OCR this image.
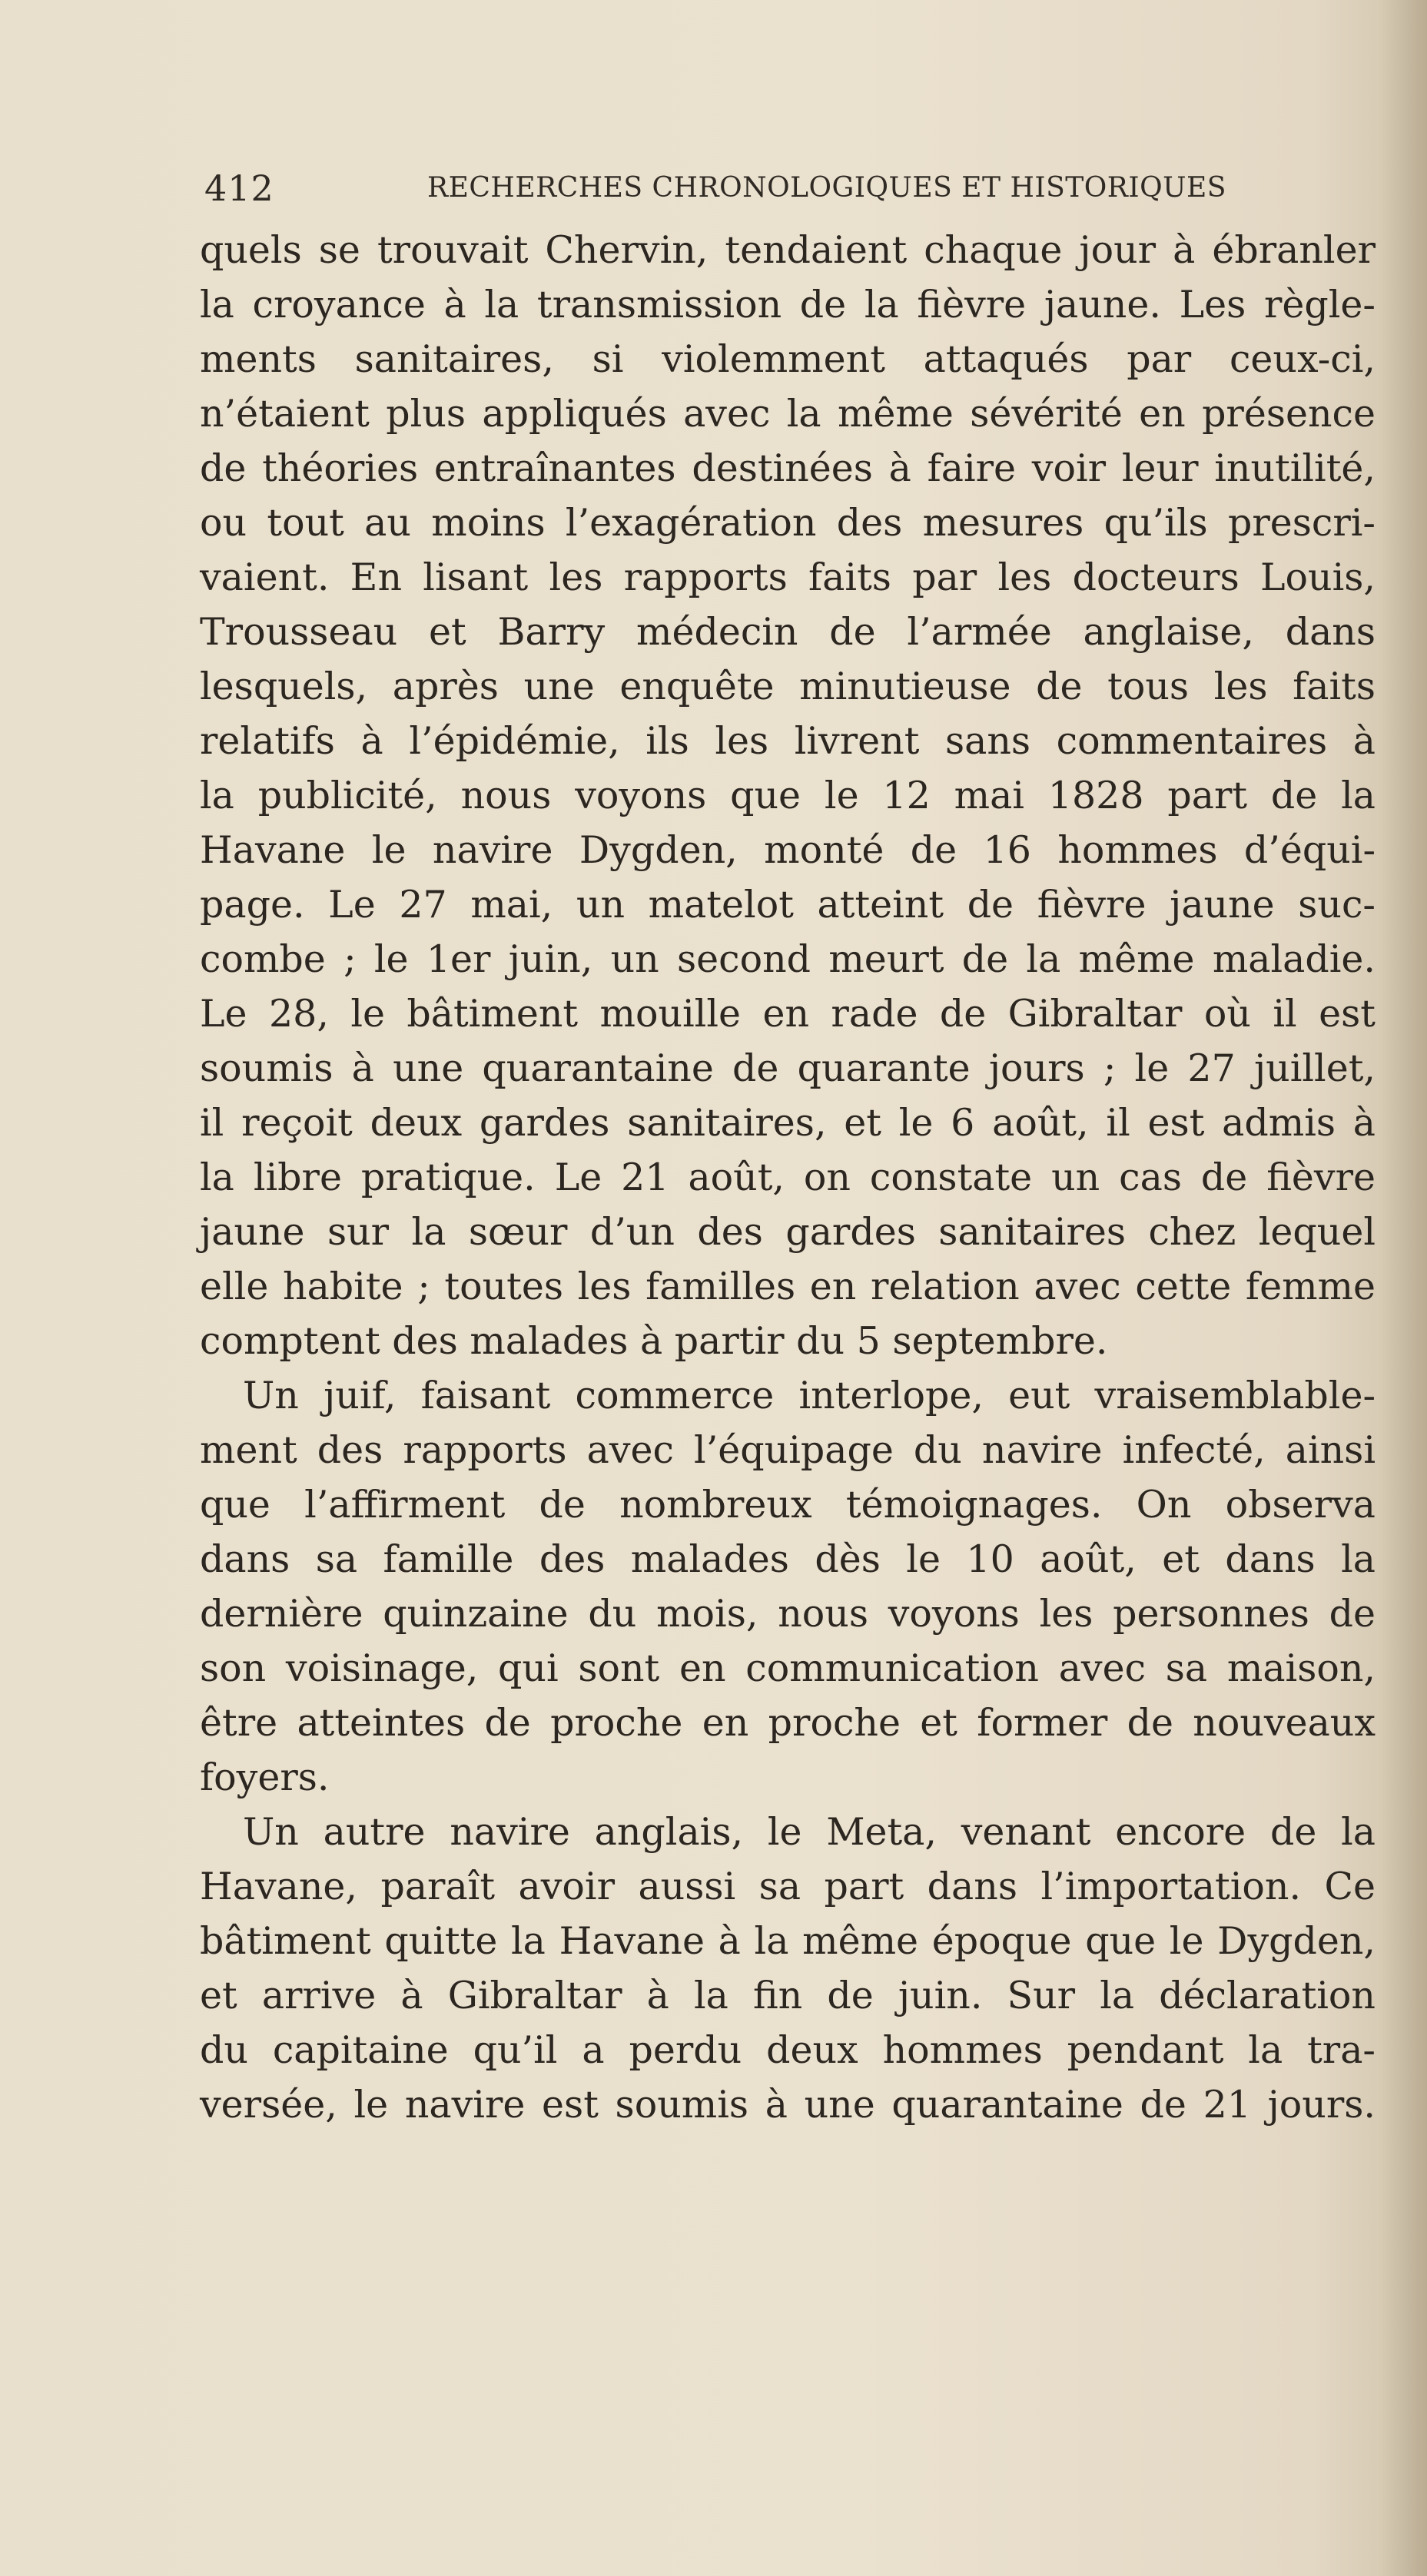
412	RECHERCHES CHRONOLOGIQUES ET HISTORIQUES
quels se trouvait Chervin, tendaient chaque jour à ébranler
la croyance à la transmission de la fièvre jaune. Les règle-
ments sanitaires, si violemment attaqués par ceux-ci,
n’étaient plus appliqués avec la même sévérité en présence
de théories entraînantes destinées à faire voir leur inutilité,
ou tout au moins l’exagération des mesures qu’ils prescri-
vaient. En lisant les rapports faits par les docteurs Louis,
Trousseau et Barry médecin de l’armée anglaise, dans
lesquels, après une enquête minutieuse de tous les faits
relatifs à l’épidémie, ils les livrent sans commentaires à
la publicité, nous voyons que le 12 mai 1828 part de la
Havane le navire Dygden, monté de 16 hommes d’équi-
page. Le 27 mai, un matelot atteint de fièvre jaune suc-
combe ; le 1er juin, un second meurt de la même maladie.
Le 28, le bâtiment mouille en rade de Gibraltar où il est
soumis à une quarantaine de quarante jours ; le 27 juillet,
il reçoit deux gardes sanitaires, et le 6 août, il est admis à
la libre pratique. Le 21 août, on constate un cas de fièvre
jaune sur la sœur d’un des gardes sanitaires chez lequel
elle habite ; toutes les familles en relation avec cette femme
comptent des malades à partir du 5 septembre.
Un juif, faisant commerce interlope, eut vraisemblable-
ment des rapports avec l’équipage du navire infecté, ainsi
que l’affirment de nombreux témoignages. On observa
dans sa famille des malades dès le 10 août, et dans la
dernière quinzaine du mois, nous voyons les personnes de
son voisinage, qui sont en communication avec sa maison,
être atteintes de proche en proche et former de nouveaux
foyers.
Un autre navire anglais, le Meta, venant encore de la
Havane, paraît avoir aussi sa part dans l’importation. Ce
bâtiment quitte la Havane à la même époque que le Dygden,
et arrive à Gibraltar à la fin de juin. Sur la déclaration
du capitaine qu’il a perdu deux hommes pendant la tra-
versée, le navire est soumis à une quarantaine de 21 jours.
